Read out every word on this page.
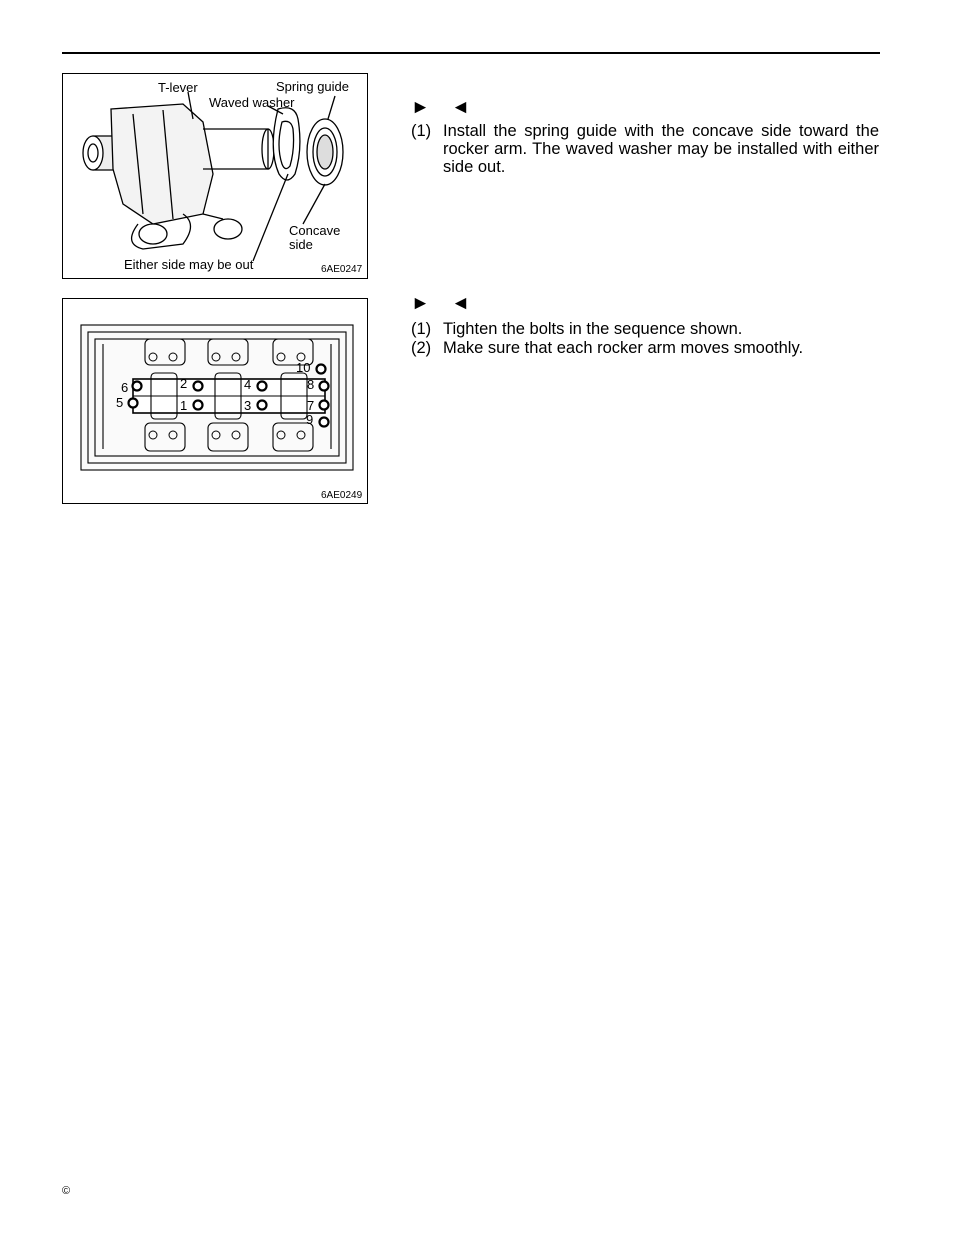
T-lever	Spring guide
Waved washer
Concave
side
Either side may be out	6AE0247
► ◄
(1) Install the spring guide with the concave side toward the rocker arm. The waved washer may be installed with either side out.
1
2
3
4
5
6
7
8
9
10
6AE0249
► ◄
(1) Tighten the bolts in the sequence shown.
(2) Make sure that each rocker arm moves smoothly.
©
